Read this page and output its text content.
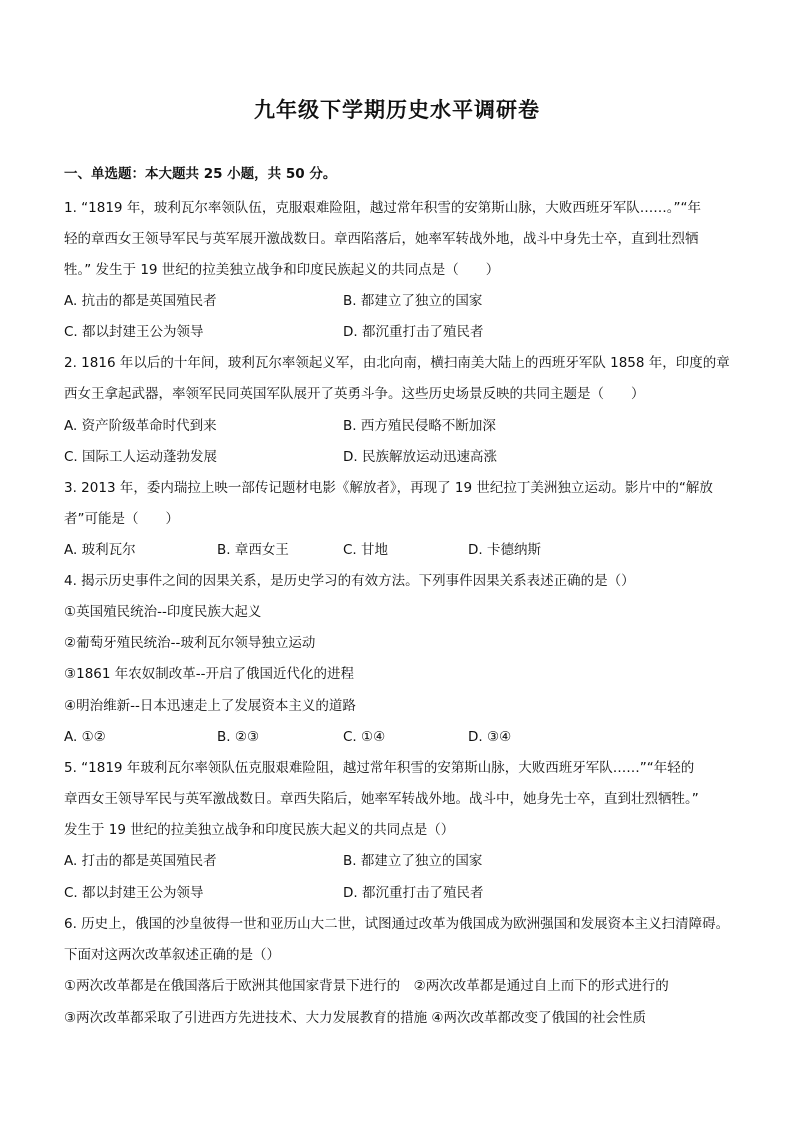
九年级下学期历史水平调研卷
一、单选题：本大题共 25 小题，共 50 分。
1. “1819 年，玻利瓦尔率领队伍，克服艰难险阻，越过常年积雪的安第斯山脉，大败西班牙军队……。”“年
轻的章西女王领导军民与英军展开激战数日。章西陷落后，她率军转战外地，战斗中身先士卒，直到壮烈牺
牲。” 发生于 19 世纪的拉美独立战争和印度民族起义的共同点是（　　）
A. 抗击的都是英国殖民者	B. 都建立了独立的国家
C. 都以封建王公为领导	D. 都沉重打击了殖民者
2. 1816 年以后的十年间，玻利瓦尔率领起义军，由北向南，横扫南美大陆上的西班牙军队 1858 年，印度的章
西女王拿起武器，率领军民同英国军队展开了英勇斗争。这些历史场景反映的共同主题是（　　）
A. 资产阶级革命时代到来	B. 西方殖民侵略不断加深
C. 国际工人运动蓬勃发展	D. 民族解放运动迅速高涨
3. 2013 年，委内瑞拉上映一部传记题材电影《解放者》，再现了 19 世纪拉丁美洲独立运动。影片中的“解放
者”可能是（　　）
A. 玻利瓦尔	B. 章西女王	C. 甘地	D. 卡德纳斯
4. 揭示历史事件之间的因果关系，是历史学习的有效方法。下列事件因果关系表述正确的是（）
①英国殖民统治--印度民族大起义
②葡萄牙殖民统治--玻利瓦尔领导独立运动
③1861 年农奴制改革--开启了俄国近代化的进程
④明治维新--日本迅速走上了发展资本主义的道路
A. ①②	B. ②③	C. ①④	D. ③④
5. “1819 年玻利瓦尔率领队伍克服艰难险阻，越过常年积雪的安第斯山脉，大败西班牙军队……”“年轻的
章西女王领导军民与英军激战数日。章西失陷后，她率军转战外地。战斗中，她身先士卒，直到壮烈牺牲。”
发生于 19 世纪的拉美独立战争和印度民族大起义的共同点是（）
A. 打击的都是英国殖民者	B. 都建立了独立的国家
C. 都以封建王公为领导	D. 都沉重打击了殖民者
6. 历史上，俄国的沙皇彼得一世和亚历山大二世，试图通过改革为俄国成为欧洲强国和发展资本主义扫清障碍。
下面对这两次改革叙述正确的是（）
①两次改革都是在俄国落后于欧洲其他国家背景下进行的　②两次改革都是通过自上而下的形式进行的
③两次改革都采取了引进西方先进技术、大力发展教育的措施 ④两次改革都改变了俄国的社会性质
